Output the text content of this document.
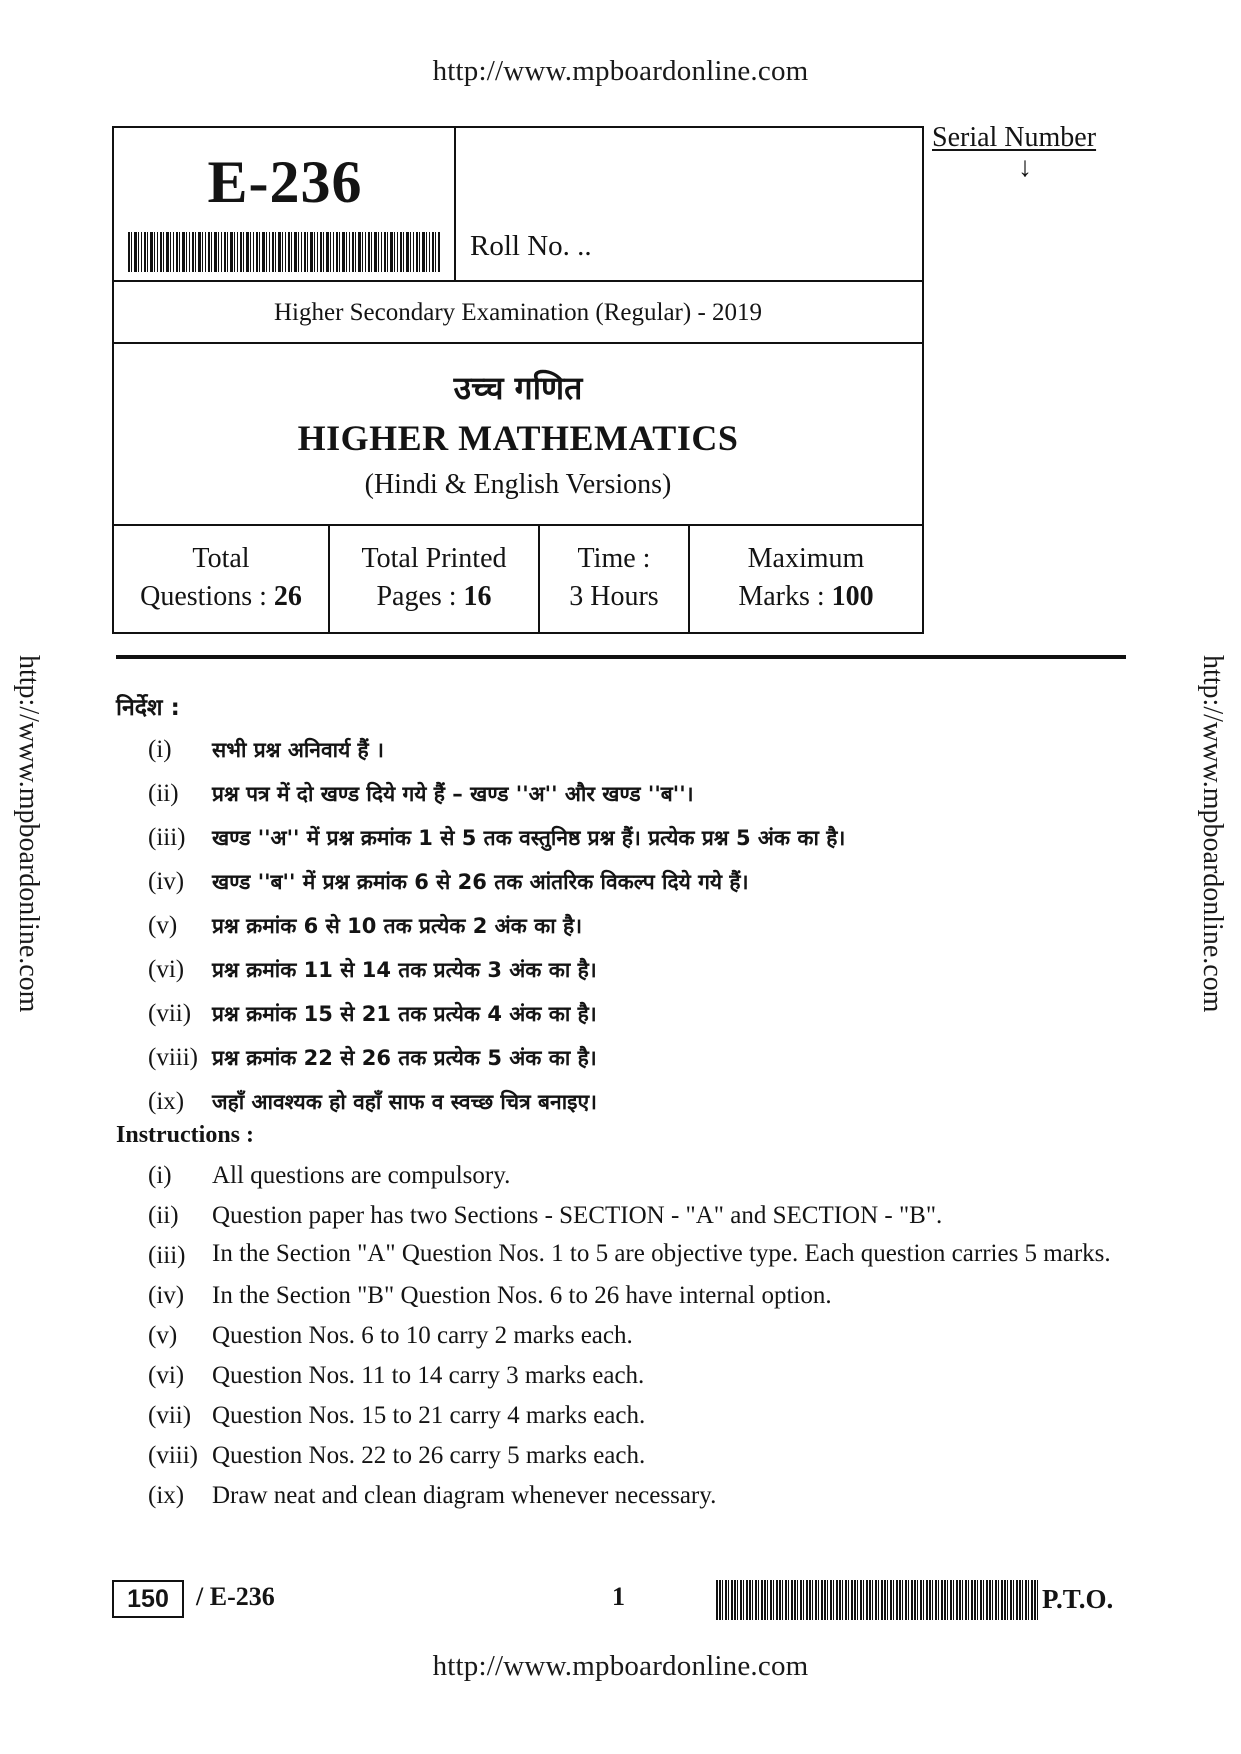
http://www.mpboardonline.com
http://www.mpboardonline.com	http://www.mpboardonline.com
E-236
Roll No. ..
Higher Secondary Examination (Regular) - 2019
उच्च गणित
HIGHER MATHEMATICS
(Hindi & English Versions)
Total
Questions : 26
Total Printed
Pages : 16
Time :
3 Hours
Maximum
Marks : 100
Serial Number
↓
निर्देश :
(i)	सभी प्रश्न अनिवार्य हैं ।
(ii)	प्रश्न पत्र में दो खण्ड दिये गये हैं – खण्ड ''अ'' और खण्ड ''ब''।
(iii)	खण्ड ''अ'' में प्रश्न क्रमांक 1 से 5 तक वस्तुनिष्ठ प्रश्न हैं। प्रत्येक प्रश्न 5 अंक का है।
(iv)	खण्ड ''ब'' में प्रश्न क्रमांक 6 से 26 तक आंतरिक विकल्प दिये गये हैं।
(v)	प्रश्न क्रमांक 6 से 10 तक प्रत्येक 2 अंक का है।
(vi)	प्रश्न क्रमांक 11 से 14 तक प्रत्येक 3 अंक का है।
(vii) प्रश्न क्रमांक 15 से 21 तक प्रत्येक 4 अंक का है।
(viii) प्रश्न क्रमांक 22 से 26 तक प्रत्येक 5 अंक का है।
(ix)	जहाँ आवश्यक हो वहाँ साफ व स्वच्छ चित्र बनाइए।
Instructions :
(i)	All questions are compulsory.
(ii)	Question paper has two Sections - SECTION - "A" and SECTION - "B".
(iii)	In the Section "A" Question Nos. 1 to 5 are objective type. Each question carries 5 marks.
(iv)	In the Section "B" Question Nos. 6 to 26 have internal option.
(v)	Question Nos. 6 to 10 carry 2 marks each.
(vi)	Question Nos. 11 to 14 carry 3 marks each.
(vii) Question Nos. 15 to 21 carry 4 marks each.
(viii) Question Nos. 22 to 26 carry 5 marks each.
(ix)	Draw neat and clean diagram whenever necessary.
150	/ E-236	1	P.T.O.
http://www.mpboardonline.com
